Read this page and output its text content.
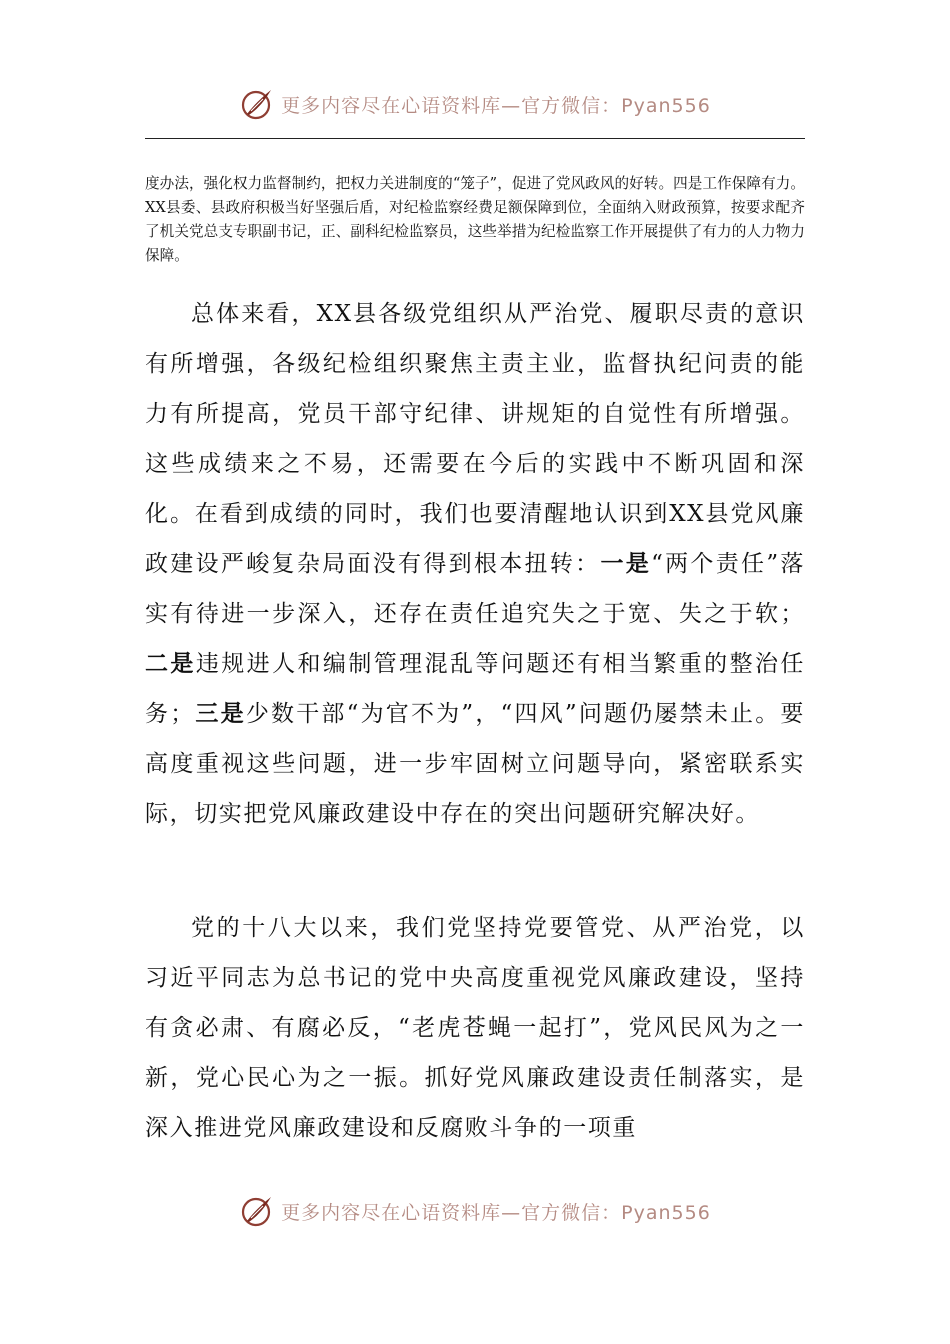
更多内容尽在心语资料库—官方微信：Pyan556

度办法，强化权力监督制约，把权力关进制度的“笼子”，促进了党风政风的好转。四是工作保障有力。XX县委、县政府积极当好坚强后盾，对纪检监察经费足额保障到位，全面纳入财政预算，按要求配齐了机关党总支专职副书记，正、副科纪检监察员，这些举措为纪检监察工作开展提供了有力的人力物力保障。

总体来看，XX县各级党组织从严治党、履职尽责的意识有所增强，各级纪检组织聚焦主责主业，监督执纪问责的能力有所提高，党员干部守纪律、讲规矩的自觉性有所增强。这些成绩来之不易，还需要在今后的实践中不断巩固和深化。在看到成绩的同时，我们也要清醒地认识到XX县党风廉政建设严峻复杂局面没有得到根本扭转：一是“两个责任”落实有待进一步深入，还存在责任追究失之于宽、失之于软；二是违规进人和编制管理混乱等问题还有相当繁重的整治任务；三是少数干部“为官不为”，“四风”问题仍屡禁未止。要高度重视这些问题，进一步牢固树立问题导向，紧密联系实际，切实把党风廉政建设中存在的突出问题研究解决好。

党的十八大以来，我们党坚持党要管党、从严治党，以习近平同志为总书记的党中央高度重视党风廉政建设，坚持有贪必肃、有腐必反，“老虎苍蝇一起打”，党风民风为之一新，党心民心为之一振。抓好党风廉政建设责任制落实，是深入推进党风廉政建设和反腐败斗争的一项重

更多内容尽在心语资料库—官方微信：Pyan556
